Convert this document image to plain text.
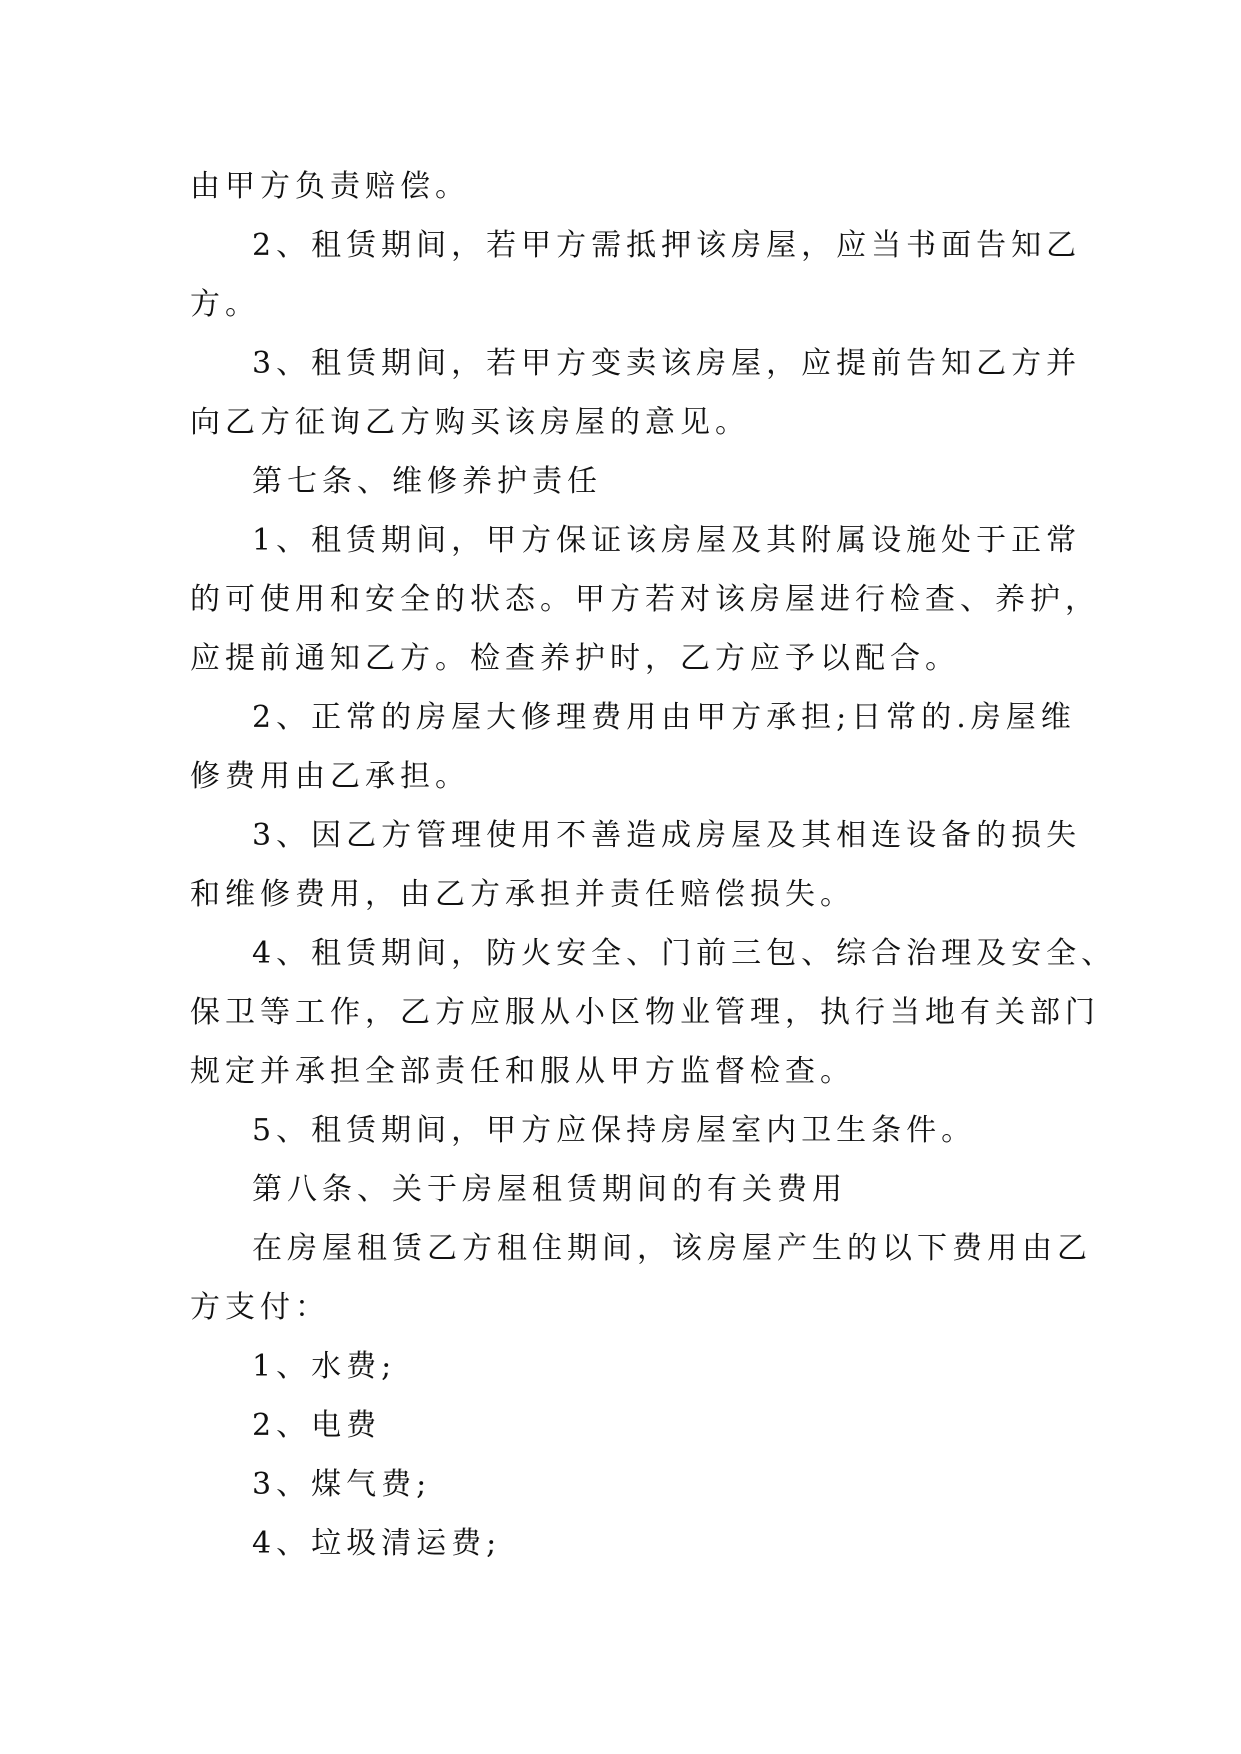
由甲方负责赔偿。
2、租赁期间，若甲方需抵押该房屋，应当书面告知乙
方。
3、租赁期间，若甲方变卖该房屋，应提前告知乙方并
向乙方征询乙方购买该房屋的意见。
第七条、维修养护责任
1、租赁期间，甲方保证该房屋及其附属设施处于正常
的可使用和安全的状态。甲方若对该房屋进行检查、养护，
应提前通知乙方。检查养护时，乙方应予以配合。
2、正常的房屋大修理费用由甲方承担;日常的.房屋维
修费用由乙承担。
3、因乙方管理使用不善造成房屋及其相连设备的损失
和维修费用，由乙方承担并责任赔偿损失。
4、租赁期间，防火安全、门前三包、综合治理及安全、
保卫等工作，乙方应服从小区物业管理，执行当地有关部门
规定并承担全部责任和服从甲方监督检查。
5、租赁期间，甲方应保持房屋室内卫生条件。
第八条、关于房屋租赁期间的有关费用
在房屋租赁乙方租住期间，该房屋产生的以下费用由乙
方支付：
1、水费;
2、电费
3、煤气费;
4、垃圾清运费;
